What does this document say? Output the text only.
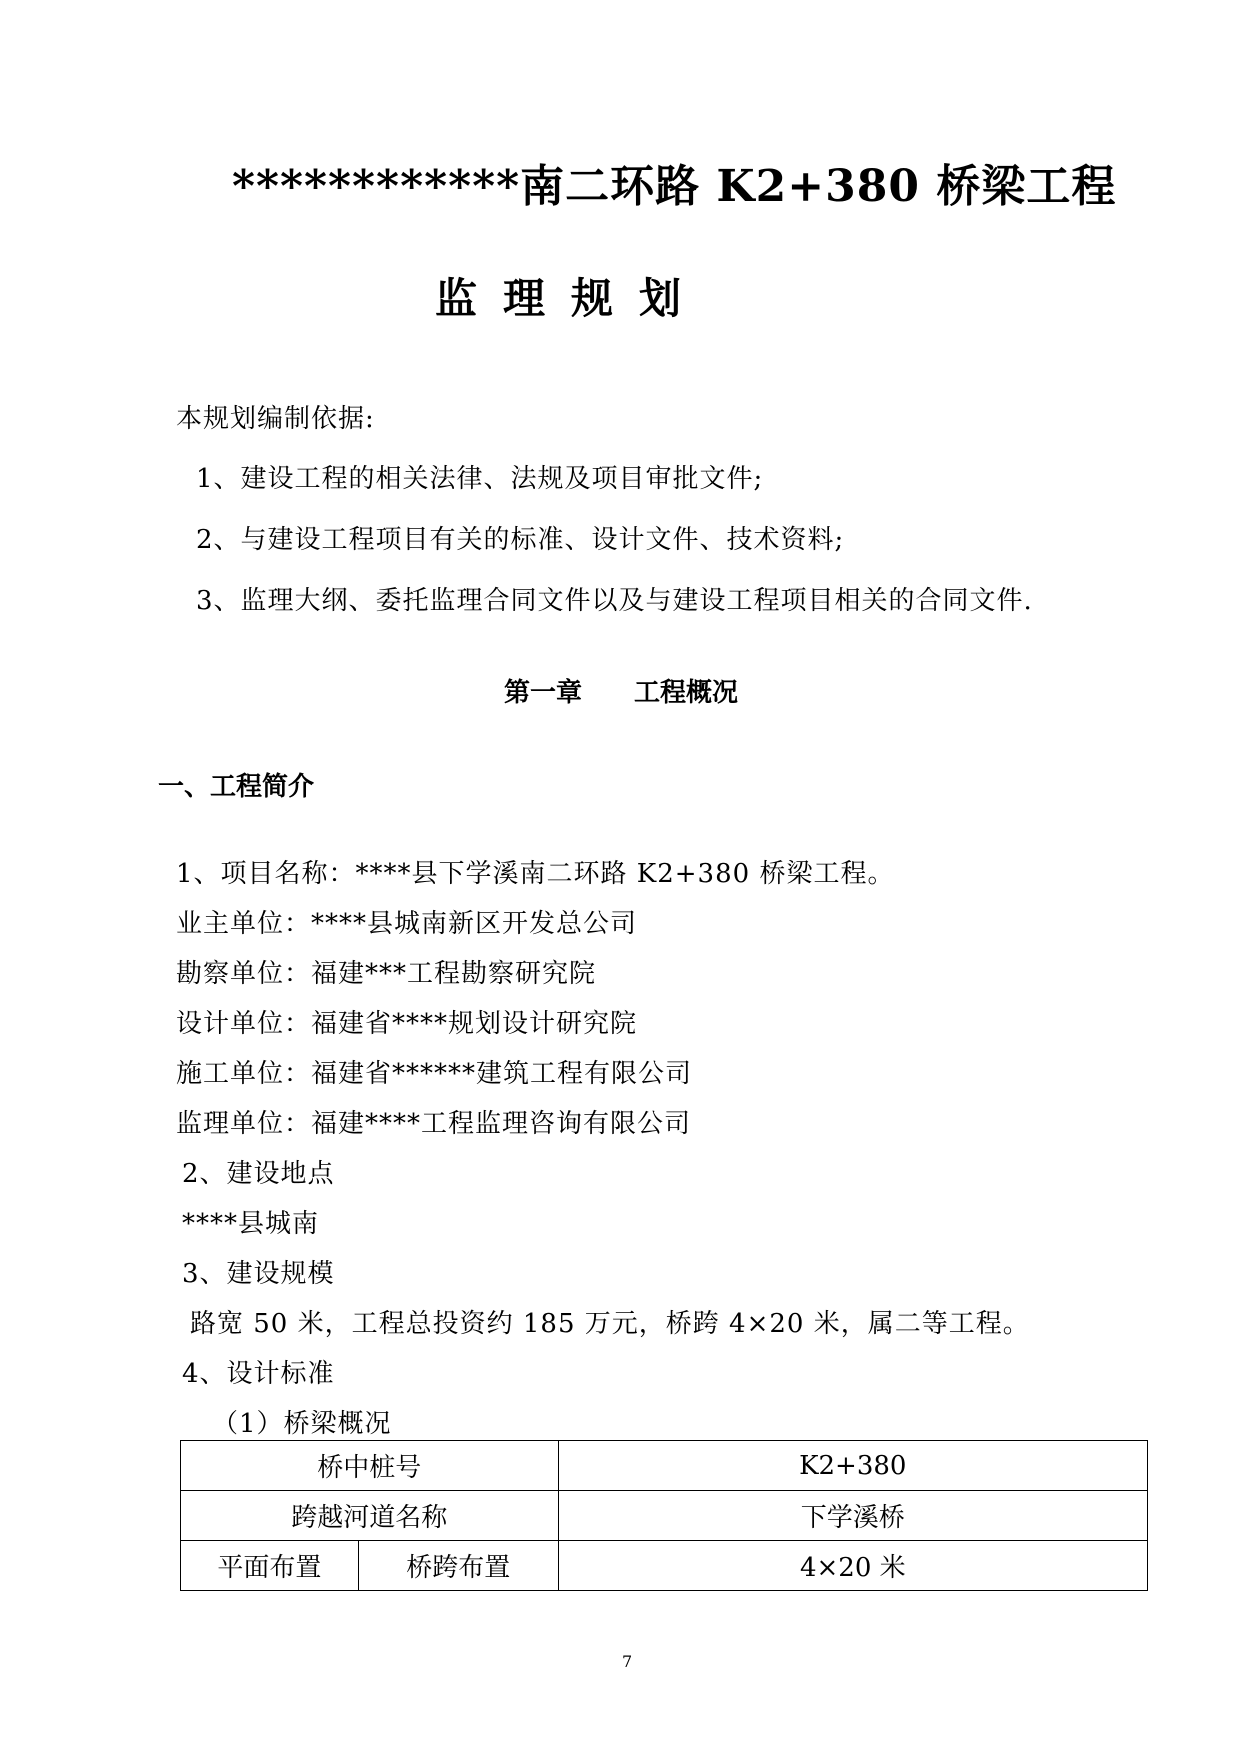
************南二环路 K2+380 桥梁工程
监理规划
本规划编制依据:
1、建设工程的相关法律、法规及项目审批文件;
2、与建设工程项目有关的标准、设计文件、技术资料;
3、监理大纲、委托监理合同文件以及与建设工程项目相关的合同文件.
第一章 工程概况
一、工程简介
1、项目名称：****县下学溪南二环路 K2+380 桥梁工程。
业主单位：****县城南新区开发总公司
勘察单位：福建***工程勘察研究院
设计单位：福建省****规划设计研究院
施工单位：福建省******建筑工程有限公司
监理单位：福建****工程监理咨询有限公司
2、建设地点
****县城南
3、建设规模
路宽 50 米，工程总投资约 185 万元，桥跨 4×20 米，属二等工程。
4、设计标准
（1）桥梁概况
桥中桩号		K2+380
跨越河道名称		下学溪桥
平面布置	桥跨布置	4×20 米
7
